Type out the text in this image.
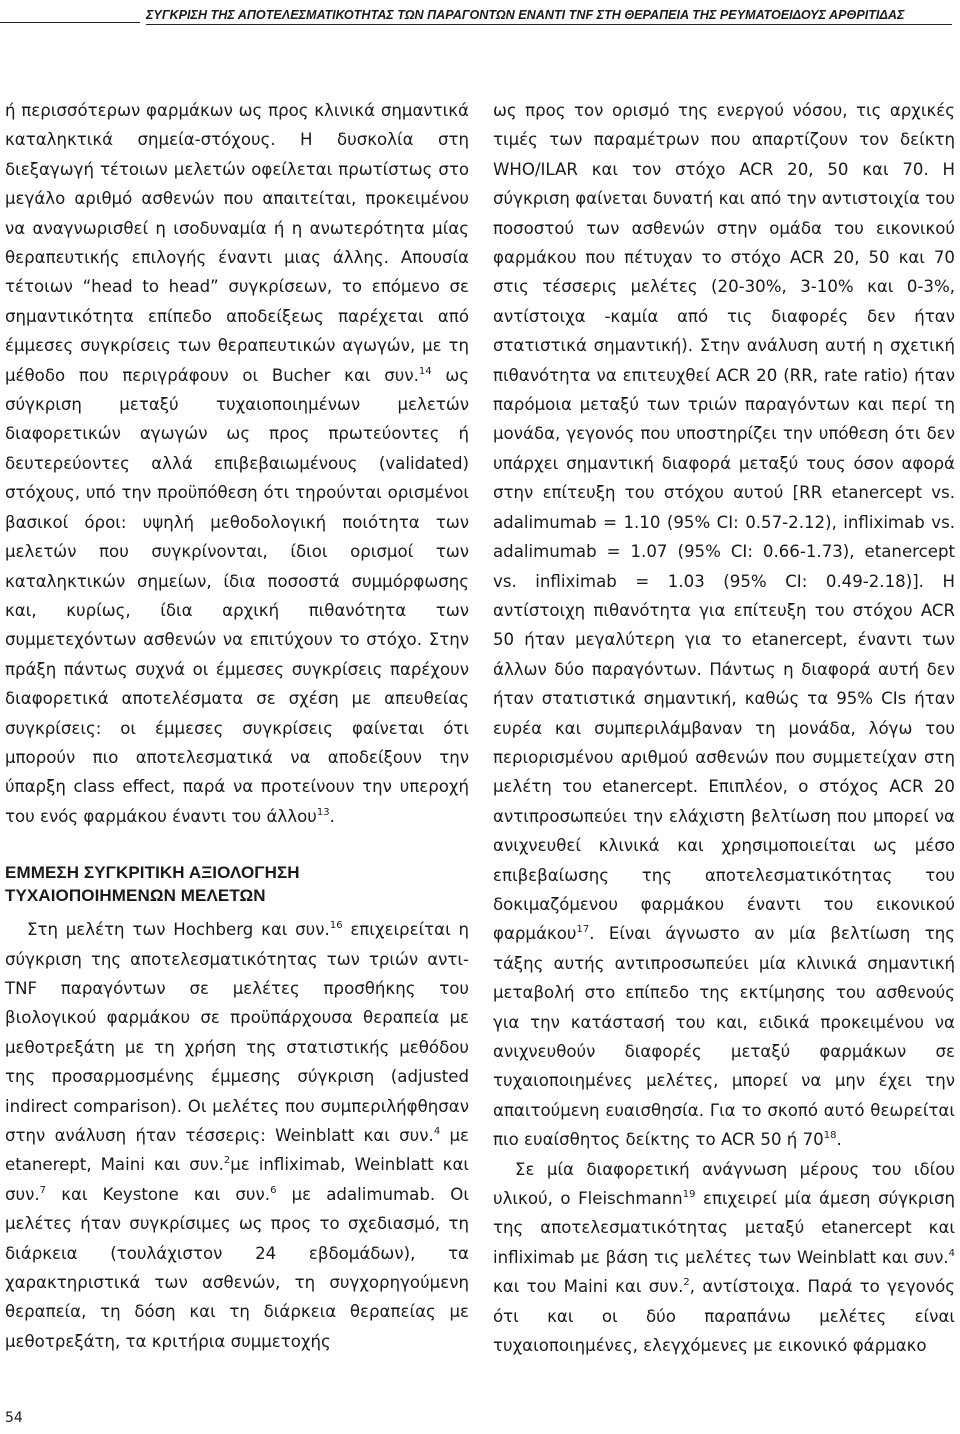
ΣΥΓΚΡΙΣΗ ΤΗΣ ΑΠΟΤΕΛΕΣΜΑΤΙΚΟΤΗΤΑΣ ΤΩΝ ΠΑΡΑΓΟΝΤΩΝ ΕΝΑΝΤΙ TNF ΣΤΗ ΘΕΡΑΠΕΙΑ ΤΗΣ ΡΕΥΜΑΤΟΕΙΔΟΥΣ ΑΡΘΡΙΤΙΔΑΣ

ή περισσότερων φαρμάκων ως προς κλινικά σημαντικά καταληκτικά σημεία-στόχους. Η δυσκολία στη διεξαγωγή τέτοιων μελετών οφείλεται πρωτίστως στο μεγάλο αριθμό ασθενών που απαιτείται, προκειμένου να αναγνωρισθεί η ισοδυναμία ή η ανωτερότητα μίας θεραπευτικής επιλογής έναντι μιας άλλης. Απουσία τέτοιων “head to head” συγκρίσεων, το επόμενο σε σημαντικότητα επίπεδο αποδείξεως παρέχεται από έμμεσες συγκρίσεις των θεραπευτικών αγωγών, με τη μέθοδο που περιγράφουν οι Bucher και συν.$^{14}$ ως σύγκριση μεταξύ τυχαιοποιημένων μελετών διαφορετικών αγωγών ως προς πρωτεύοντες ή δευτερεύοντες αλλά επιβεβαιωμένους (validated) στόχους, υπό την προϋπόθεση ότι τηρούνται ορισμένοι βασικοί όροι: υψηλή μεθοδολογική ποιότητα των μελετών που συγκρίνονται, ίδιοι ορισμοί των καταληκτικών σημείων, ίδια ποσοστά συμμόρφωσης και, κυρίως, ίδια αρχική πιθανότητα των συμμετεχόντων ασθενών να επιτύχουν το στόχο. Στην πράξη πάντως συχνά οι έμμεσες συγκρίσεις παρέχουν διαφορετικά αποτελέσματα σε σχέση με απευθείας συγκρίσεις: οι έμμεσες συγκρίσεις φαίνεται ότι μπορούν πιο αποτελεσματικά να αποδείξουν την ύπαρξη class effect, παρά να προτείνουν την υπεροχή του ενός φαρμάκου έναντι του άλλου$^{13}$.

ΕΜΜΕΣΗ ΣΥΓΚΡΙΤΙΚΗ ΑΞΙΟΛΟΓΗΣΗ
ΤΥΧΑΙΟΠΟΙΗΜΕΝΩΝ ΜΕΛΕΤΩΝ

Στη μελέτη των Hochberg και συν.$^{16}$ επιχειρείται η σύγκριση της αποτελεσματικότητας των τριών αντι-TNF παραγόντων σε μελέτες προσθήκης του βιολογικού φαρμάκου σε προϋπάρχουσα θεραπεία με μεθοτρεξάτη με τη χρήση της στατιστικής μεθόδου της προσαρμοσμένης έμμεσης σύγκριση (adjusted indirect comparison). Οι μελέτες που συμπεριλήφθησαν στην ανάλυση ήταν τέσσερις: Weinblatt και συν.$^4$ με etanerept, Maini και συν.$^2$με infliximab, Weinblatt και συν.$^7$ και Keystone και συν.$^6$ με adalimumab. Οι μελέτες ήταν συγκρίσιμες ως προς το σχεδιασμό, τη διάρκεια (τουλάχιστον 24 εβδομάδων), τα χαρακτηριστικά των ασθενών, τη συγχορηγούμενη θεραπεία, τη δόση και τη διάρκεια θεραπείας με μεθοτρεξάτη, τα κριτήρια συμμετοχής

ως προς τον ορισμό της ενεργού νόσου, τις αρχικές τιμές των παραμέτρων που απαρτίζουν τον δείκτη WHO/ILAR και τον στόχο ACR 20, 50 και 70. Η σύγκριση φαίνεται δυνατή και από την αντιστοιχία του ποσοστού των ασθενών στην ομάδα του εικονικού φαρμάκου που πέτυχαν το στόχο ACR 20, 50 και 70 στις τέσσερις μελέτες (20-30%, 3-10% και 0-3%, αντίστοιχα -καμία από τις διαφορές δεν ήταν στατιστικά σημαντική). Στην ανάλυση αυτή η σχετική πιθανότητα να επιτευχθεί ACR 20 (RR, rate ratio) ήταν παρόμοια μεταξύ των τριών παραγόντων και περί τη μονάδα, γεγονός που υποστηρίζει την υπόθεση ότι δεν υπάρχει σημαντική διαφορά μεταξύ τους όσον αφορά στην επίτευξη του στόχου αυτού [RR etanercept vs. adalimumab = 1.10 (95% CI: 0.57-2.12), infliximab vs. adalimumab = 1.07 (95% CI: 0.66-1.73), etanercept vs. infliximab = 1.03 (95% CI: 0.49-2.18)]. Η αντίστοιχη πιθανότητα για επίτευξη του στόχου ACR 50 ήταν μεγαλύτερη για το etanercept, έναντι των άλλων δύο παραγόντων. Πάντως η διαφορά αυτή δεν ήταν στατιστικά σημαντική, καθώς τα 95% CIs ήταν ευρέα και συμπεριλάμβαναν τη μονάδα, λόγω του περιορισμένου αριθμού ασθενών που συμμετείχαν στη μελέτη του etanercept. Επιπλέον, ο στόχος ACR 20 αντιπροσωπεύει την ελάχιστη βελτίωση που μπορεί να ανιχνευθεί κλινικά και χρησιμοποιείται ως μέσο επιβεβαίωσης της αποτελεσματικότητας του δοκιμαζόμενου φαρμάκου έναντι του εικονικού φαρμάκου$^{17}$. Είναι άγνωστο αν μία βελτίωση της τάξης αυτής αντιπροσωπεύει μία κλινικά σημαντική μεταβολή στο επίπεδο της εκτίμησης του ασθενούς για την κατάστασή του και, ειδικά προκειμένου να ανιχνευθούν διαφορές μεταξύ φαρμάκων σε τυχαιοποιημένες μελέτες, μπορεί να μην έχει την απαιτούμενη ευαισθησία. Για το σκοπό αυτό θεωρείται πιο ευαίσθητος δείκτης το ACR 50 ή $70^{18}$.

Σε μία διαφορετική ανάγνωση μέρους του ιδίου υλικού, ο Fleischmann$^{19}$ επιχειρεί μία άμεση σύγκριση της αποτελεσματικότητας μεταξύ etanercept και infliximab με βάση τις μελέτες των Weinblatt και συν.$^4$ και του Maini και συν.$^2$, αντίστοιχα. Παρά το γεγονός ότι και οι δύο παραπάνω μελέτες είναι τυχαιοποιημένες, ελεγχόμενες με εικονικό φάρμακο

54
